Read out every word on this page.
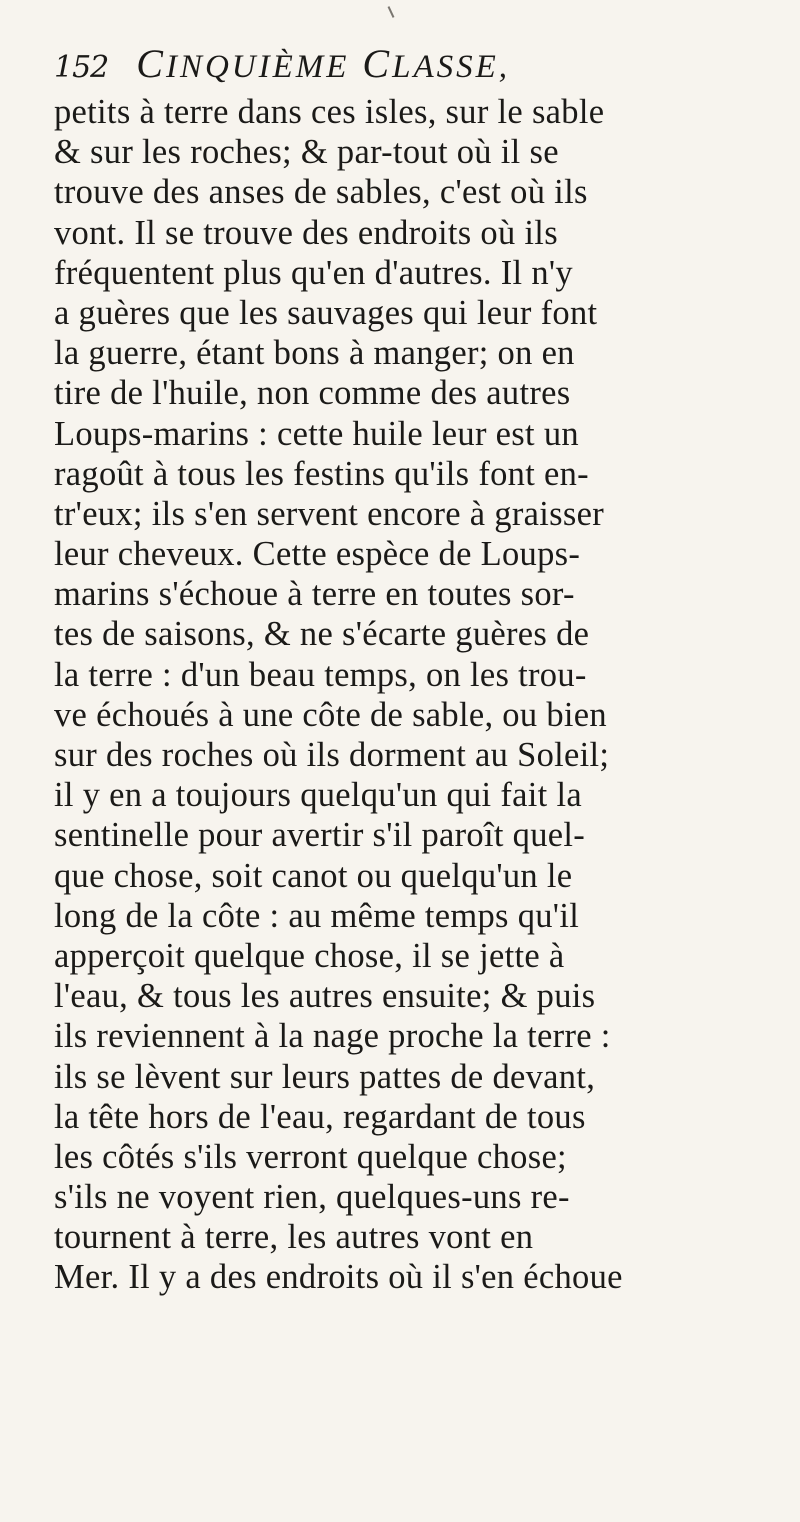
152 CINQUIÈME CLASSE,
petits à terre dans ces isles, sur le sable
& sur les roches; & par-tout où il se
trouve des anses de sables, c'est où ils
vont. Il se trouve des endroits où ils
fréquentent plus qu'en d'autres. Il n'y
a guères que les sauvages qui leur font
la guerre, étant bons à manger; on en
tire de l'huile, non comme des autres
Loups-marins : cette huile leur est un
ragoût à tous les festins qu'ils font en-
tr'eux; ils s'en servent encore à graisser
leur cheveux. Cette espèce de Loups-
marins s'échoue à terre en toutes sor-
tes de saisons, & ne s'écarte guères de
la terre : d'un beau temps, on les trou-
ve échoués à une côte de sable, ou bien
sur des roches où ils dorment au Soleil;
il y en a toujours quelqu'un qui fait la
sentinelle pour avertir s'il paroît quel-
que chose, soit canot ou quelqu'un le
long de la côte : au même temps qu'il
apperçoit quelque chose, il se jette à
l'eau, & tous les autres ensuite; & puis
ils reviennent à la nage proche la terre :
ils se lèvent sur leurs pattes de devant,
la tête hors de l'eau, regardant de tous
les côtés s'ils verront quelque chose;
s'ils ne voyent rien, quelques-uns re-
tournent à terre, les autres vont en
Mer. Il y a des endroits où il s'en échoue
